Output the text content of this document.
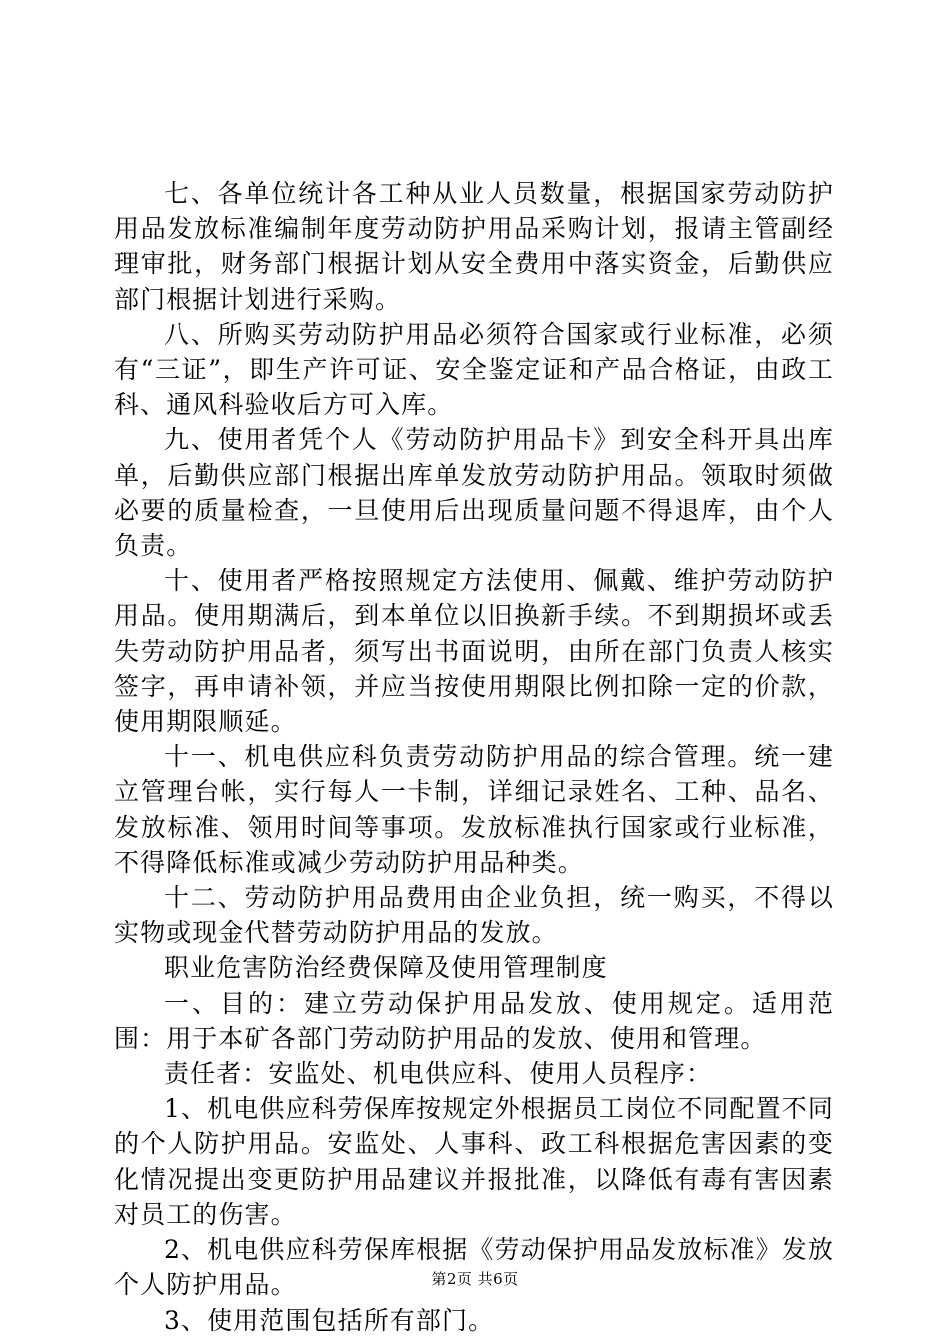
七、各单位统计各工种从业人员数量，根据国家劳动防护用品发放标准编制年度劳动防护用品采购计划，报请主管副经理审批，财务部门根据计划从安全费用中落实资金，后勤供应部门根据计划进行采购。

八、所购买劳动防护用品必须符合国家或行业标准，必须有“三证”，即生产许可证、安全鉴定证和产品合格证，由政工科、通风科验收后方可入库。

九、使用者凭个人《劳动防护用品卡》到安全科开具出库单，后勤供应部门根据出库单发放劳动防护用品。领取时须做必要的质量检查，一旦使用后出现质量问题不得退库，由个人负责。

十、使用者严格按照规定方法使用、佩戴、维护劳动防护用品。使用期满后，到本单位以旧换新手续。不到期损坏或丢失劳动防护用品者，须写出书面说明，由所在部门负责人核实签字，再申请补领，并应当按使用期限比例扣除一定的价款，使用期限顺延。

十一、机电供应科负责劳动防护用品的综合管理。统一建立管理台帐，实行每人一卡制，详细记录姓名、工种、品名、发放标准、领用时间等事项。发放标准执行国家或行业标准，不得降低标准或减少劳动防护用品种类。

十二、劳动防护用品费用由企业负担，统一购买，不得以实物或现金代替劳动防护用品的发放。

职业危害防治经费保障及使用管理制度

一、目的：建立劳动保护用品发放、使用规定。适用范围：用于本矿各部门劳动防护用品的发放、使用和管理。

责任者：安监处、机电供应科、使用人员程序：

1、机电供应科劳保库按规定外根据员工岗位不同配置不同的个人防护用品。安监处、人事科、政工科根据危害因素的变化情况提出变更防护用品建议并报批准，以降低有毒有害因素对员工的伤害。

2、机电供应科劳保库根据《劳动保护用品发放标准》发放个人防护用品。

3、使用范围包括所有部门。

第2页 共6页
